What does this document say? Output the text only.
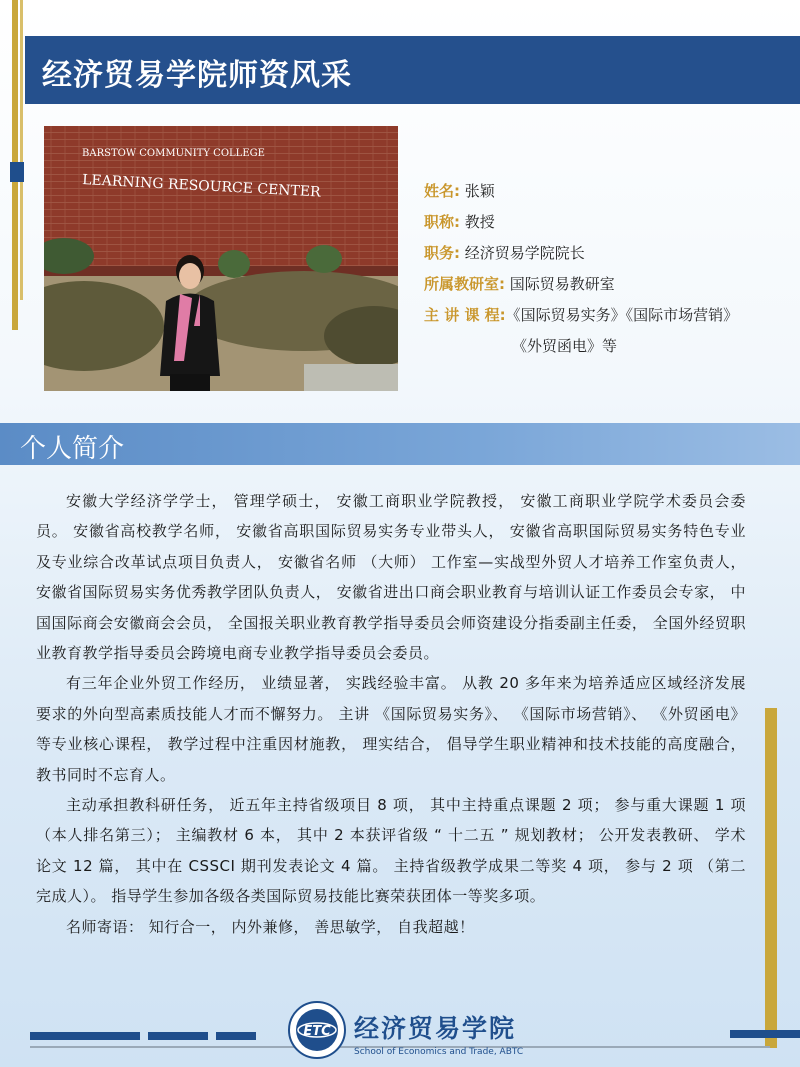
经济贸易学院师资风采
BARSTOW COMMUNITY COLLEGE
LEARNING RESOURCE CENTER	姓名: 张颖
职称: 教授
职务: 经济贸易学院院长
所属教研室: 国际贸易教研室
主 讲 课 程:《国际贸易实务》《国际市场营销》
《外贸函电》等
个人简介

安徽大学经济学学士， 管理学硕士， 安徽工商职业学院教授， 安徽工商职业学院学术委员会委员。 安徽省高校教学名师， 安徽省高职国际贸易实务专业带头人， 安徽省高职国际贸易实务特色专业及专业综合改革试点项目负责人， 安徽省名师 （大师） 工作室—实战型外贸人才培养工作室负责人， 安徽省国际贸易实务优秀教学团队负责人， 安徽省进出口商会职业教育与培训认证工作委员会专家， 中国国际商会安徽商会会员， 全国报关职业教育教学指导委员会师资建设分指委副主任委， 全国外经贸职业教育教学指导委员会跨境电商专业教学指导委员会委员。

有三年企业外贸工作经历， 业绩显著， 实践经验丰富。 从教 20 多年来为培养适应区域经济发展要求的外向型高素质技能人才而不懈努力。 主讲 《国际贸易实务》、 《国际市场营销》、 《外贸函电》 等专业核心课程， 教学过程中注重因材施教， 理实结合， 倡导学生职业精神和技术技能的高度融合， 教书同时不忘育人。

主动承担教科研任务， 近五年主持省级项目 8 项， 其中主持重点课题 2 项； 参与重大课题 1 项 （本人排名第三）； 主编教材 6 本， 其中 2 本获评省级 “ 十二五 ” 规划教材； 公开发表教研、 学术论文 12 篇， 其中在 CSSCI 期刊发表论文 4 篇。 主持省级教学成果二等奖 4 项， 参与 2 项 （第二完成人）。 指导学生参加各级各类国际贸易技能比赛荣获团体一等奖多项。

名师寄语： 知行合一， 内外兼修， 善思敏学， 自我超越！

ETC 经济贸易学院
School of Economics and Trade, ABTC
